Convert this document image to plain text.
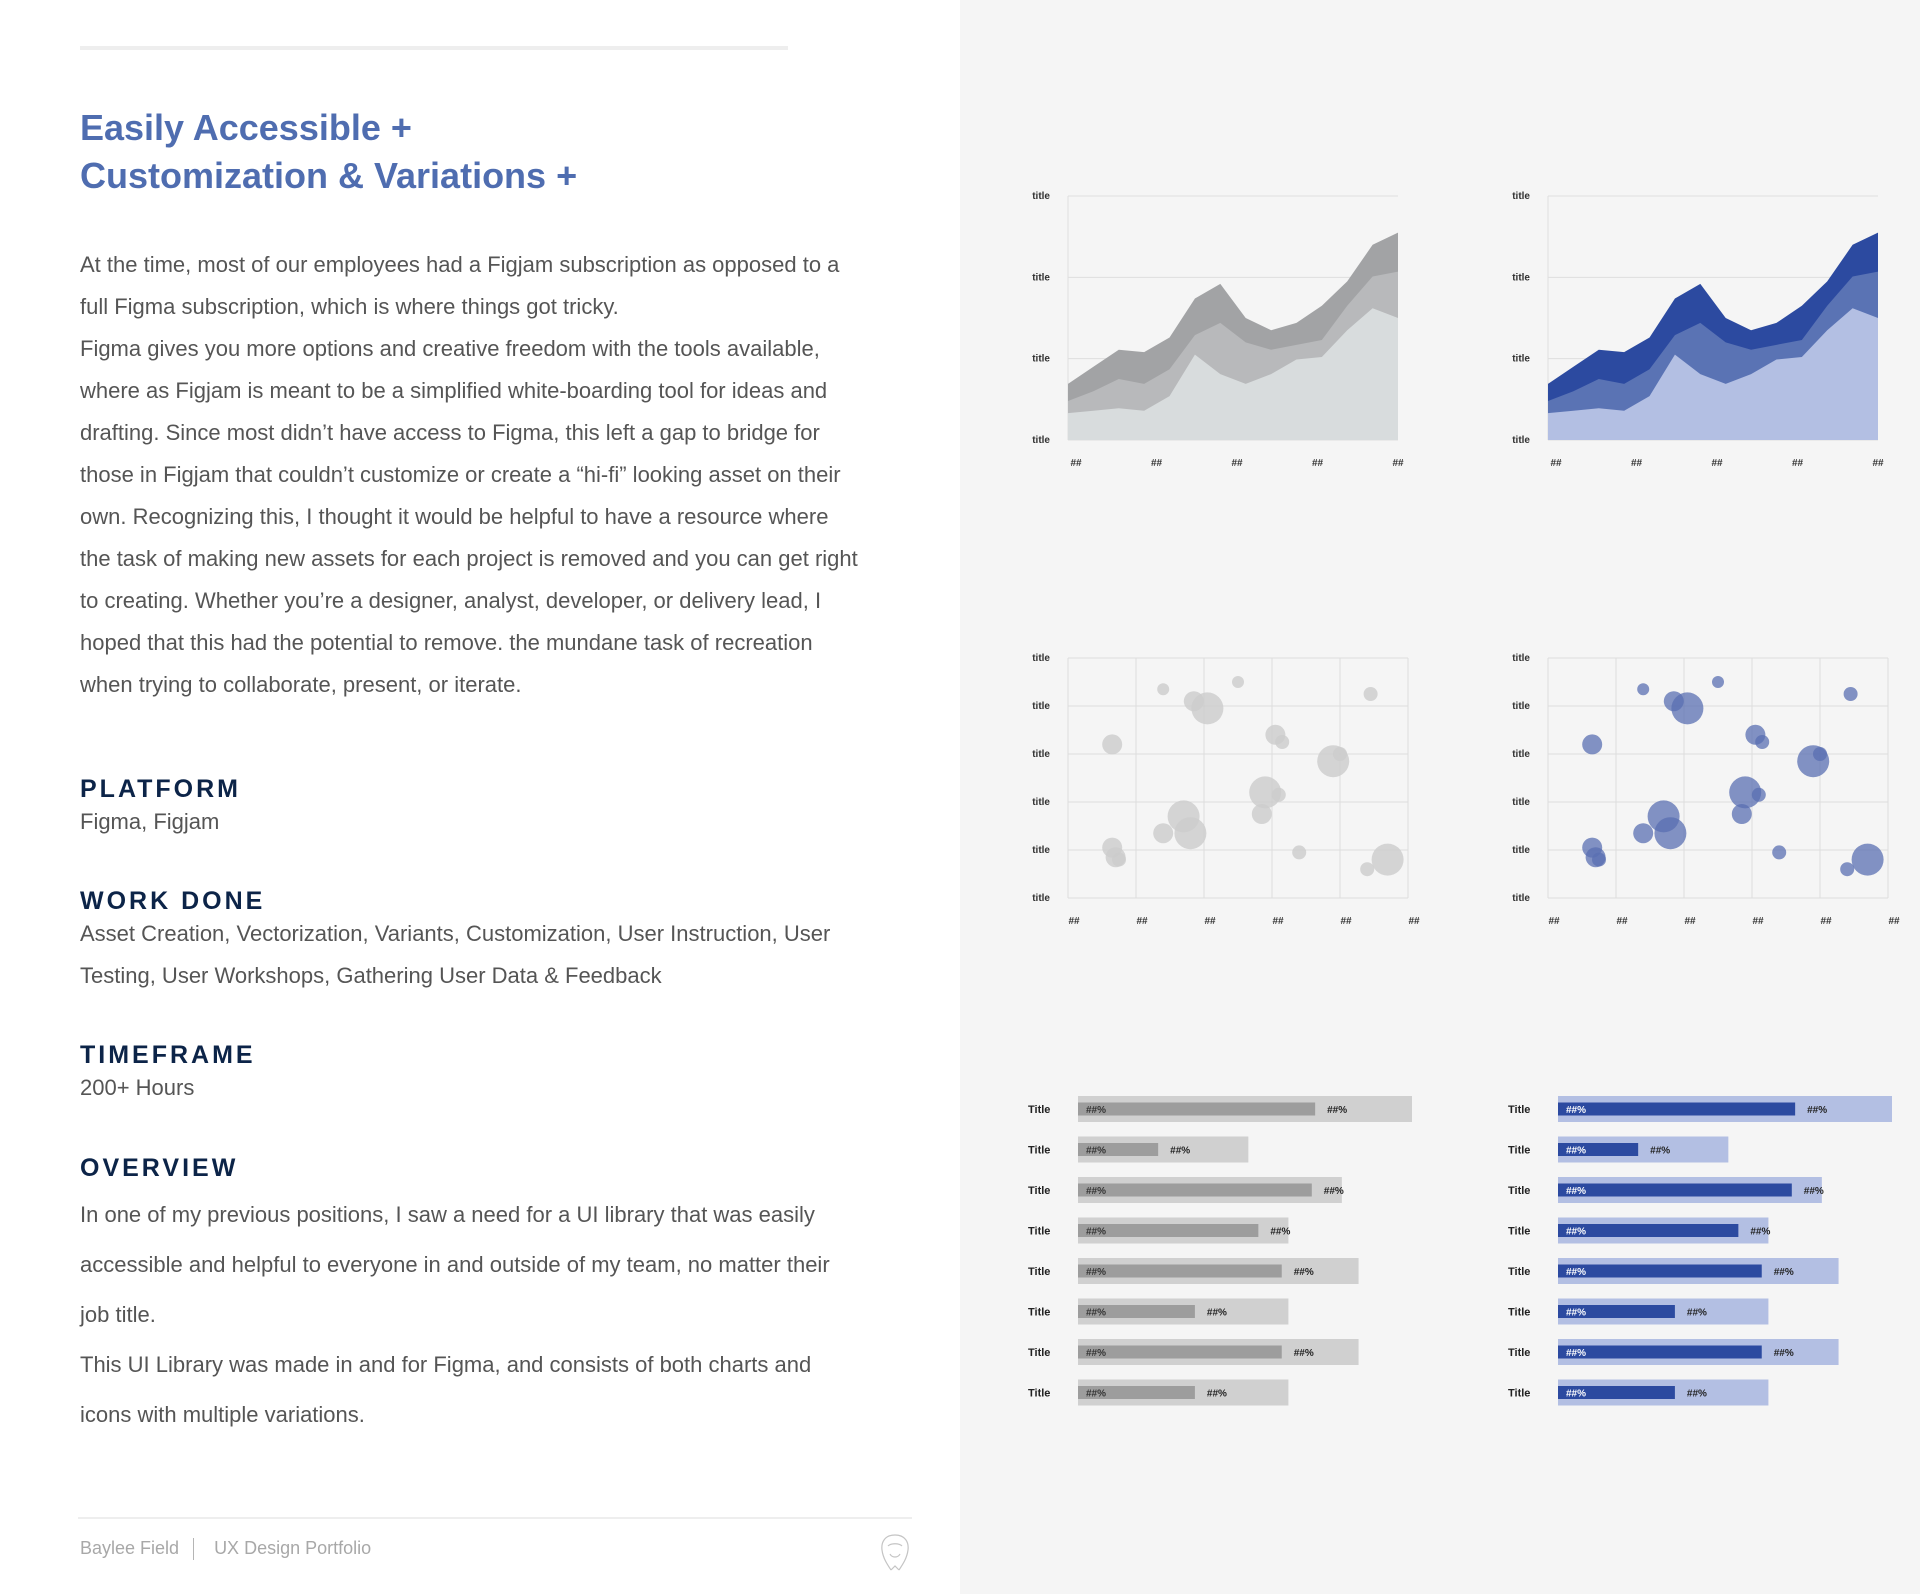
Easily Accessible +
Customization & Variations +

At the time, most of our employees had a Figjam subscription as opposed to a full Figma subscription, which is where things got tricky.

Figma gives you more options and creative freedom with the tools available, where as Figjam is meant to be a simplified white-boarding tool for ideas and drafting. Since most didn’t have access to Figma, this left a gap to bridge for those in Figjam that couldn’t customize or create a “hi-fi” looking asset on their own. Recognizing this, I thought it would be helpful to have a resource where the task of making new assets for each project is removed and you can get right to creating. Whether you’re a designer, analyst, developer, or delivery lead, I hoped that this had the potential to remove. the mundane task of recreation when trying to collaborate, present, or iterate.

PLATFORM
Figma, Figjam
WORK DONE
Asset Creation, Vectorization, Variants, Customization, User Instruction, User Testing, User Workshops, Gathering User Data & Feedback
TIMEFRAME
200+ Hours
OVERVIEW

In one of my previous positions, I saw a need for a UI library that was easily accessible and helpful to everyone in and outside of my team, no matter their job title.

This UI Library was made in and for Figma, and consists of both charts and icons with multiple variations.

Baylee Field UX Design Portfolio
title
title
title
title
##	##	##	##	##
title
title
title
title
##	##	##	##	##
title
title
title
title
title
title
##	##	##	##	##	##
title
title
title
title
title
title
##	##	##	##	##	##
Title	##%	##%
Title	##%	##%
Title	##%	##%
Title	##%	##%
Title	##%	##%
Title	##%	##%
Title	##%	##%
Title	##%	##%
Title	##%	##%
Title	##%	##%
Title	##%	##%
Title	##%	##%
Title	##%	##%
Title	##%	##%
Title	##%	##%
Title	##%	##%
